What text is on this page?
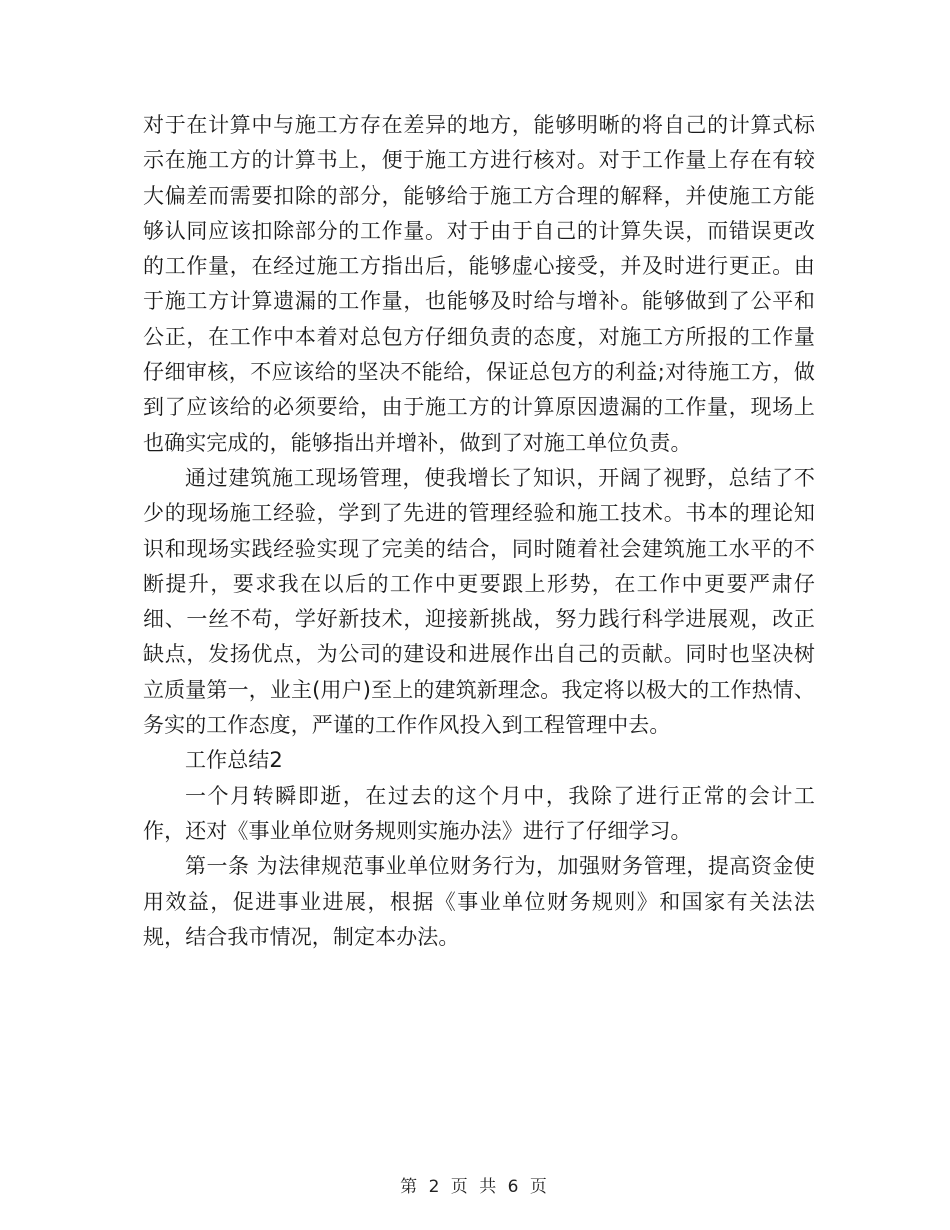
对于在计算中与施工方存在差异的地方，能够明晰的将自己的计算式标示在施工方的计算书上，便于施工方进行核对。对于工作量上存在有较大偏差而需要扣除的部分，能够给于施工方合理的解释，并使施工方能够认同应该扣除部分的工作量。对于由于自己的计算失误，而错误更改的工作量，在经过施工方指出后，能够虚心接受，并及时进行更正。由于施工方计算遗漏的工作量，也能够及时给与增补。能够做到了公平和公正，在工作中本着对总包方仔细负责的态度，对施工方所报的工作量仔细审核，不应该给的坚决不能给，保证总包方的利益;对待施工方，做到了应该给的必须要给，由于施工方的计算原因遗漏的工作量，现场上也确实完成的，能够指出并增补，做到了对施工单位负责。

通过建筑施工现场管理，使我增长了知识，开阔了视野，总结了不少的现场施工经验，学到了先进的管理经验和施工技术。书本的理论知识和现场实践经验实现了完美的结合，同时随着社会建筑施工水平的不断提升，要求我在以后的工作中更要跟上形势，在工作中更要严肃仔细、一丝不苟，学好新技术，迎接新挑战，努力践行科学进展观，改正缺点，发扬优点，为公司的建设和进展作出自己的贡献。同时也坚决树立质量第一，业主(用户)至上的建筑新理念。我定将以极大的工作热情、务实的工作态度，严谨的工作作风投入到工程管理中去。

工作总结2

一个月转瞬即逝，在过去的这个月中，我除了进行正常的会计工作，还对《事业单位财务规则实施办法》进行了仔细学习。

第一条 为法律规范事业单位财务行为，加强财务管理，提高资金使用效益，促进事业进展，根据《事业单位财务规则》和国家有关法法规，结合我市情况，制定本办法。

第 2 页 共 6 页
